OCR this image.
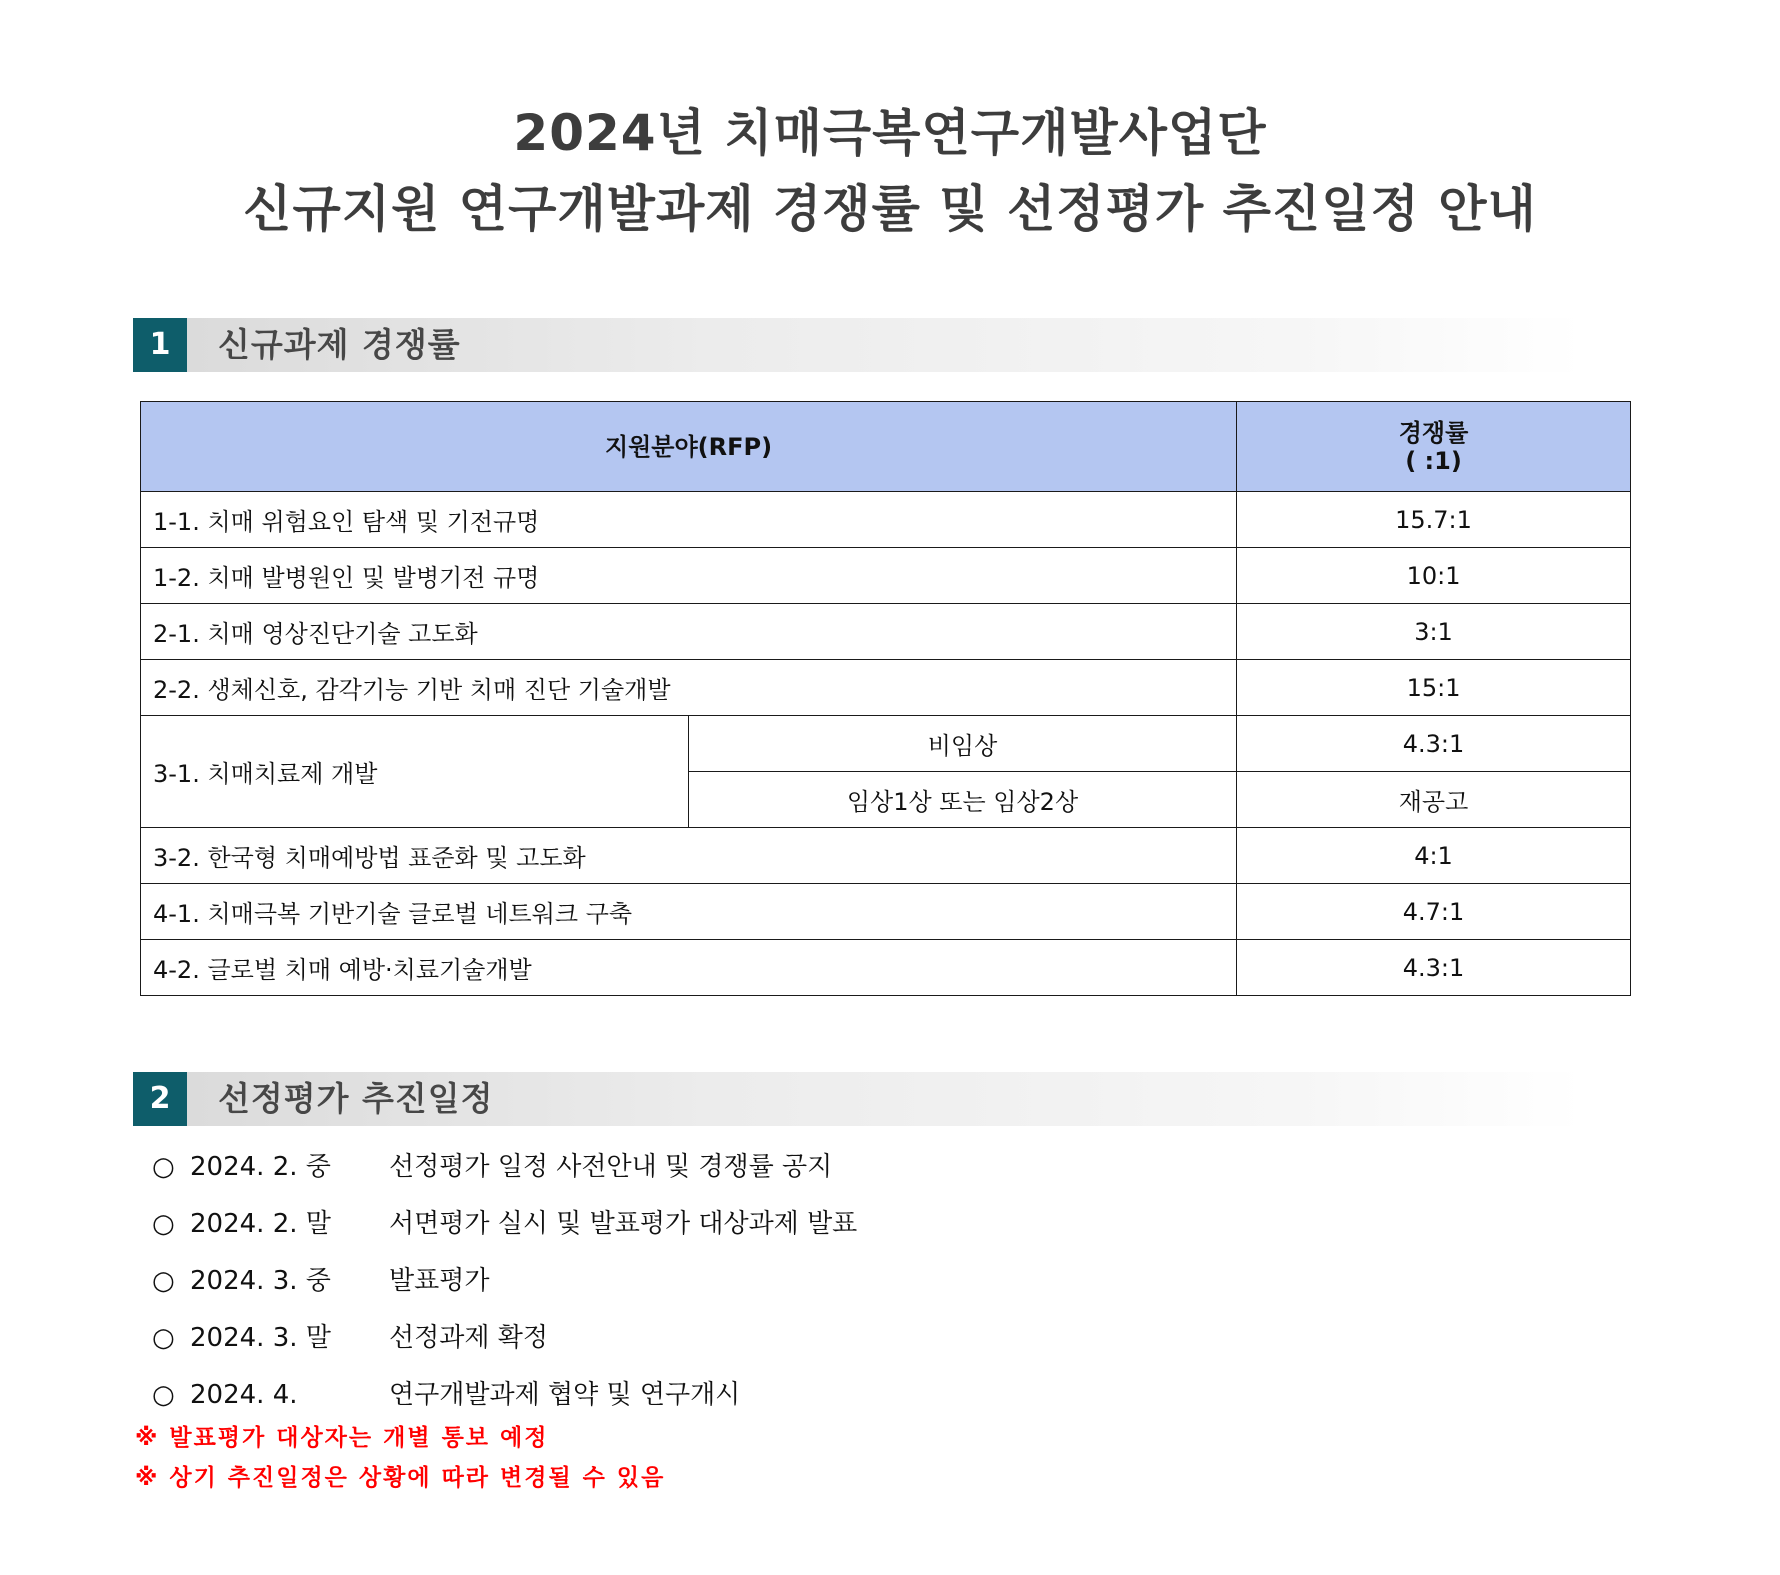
2024년 치매극복연구개발사업단
신규지원 연구개발과제 경쟁률 및 선정평가 추진일정 안내
1	신규과제 경쟁률
지원분야(RFP)		경쟁률
( :1)

1-1. 치매 위험요인 탐색 및 기전규명		15.7:1
1-2. 치매 발병원인 및 발병기전 규명		10:1
2-1. 치매 영상진단기술 고도화		3:1
2-2. 생체신호, 감각기능 기반 치매 진단 기술개발		15:1
3-1. 치매치료제 개발	비임상	4.3:1
	임상1상 또는 임상2상	재공고
3-2. 한국형 치매예방법 표준화 및 고도화		4:1
4-1. 치매극복 기반기술 글로벌 네트워크 구축		4.7:1
4-2. 글로벌 치매 예방·치료기술개발		4.3:1
2	선정평가 추진일정
○ 2024. 2. 중 선정평가 일정 사전안내 및 경쟁률 공지
○ 2024. 2. 말 서면평가 실시 및 발표평가 대상과제 발표
○ 2024. 3. 중 발표평가
○ 2024. 3. 말 선정과제 확정
○ 2024. 4.	연구개발과제 협약 및 연구개시
※ 발표평가 대상자는 개별 통보 예정
※ 상기 추진일정은 상황에 따라 변경될 수 있음
